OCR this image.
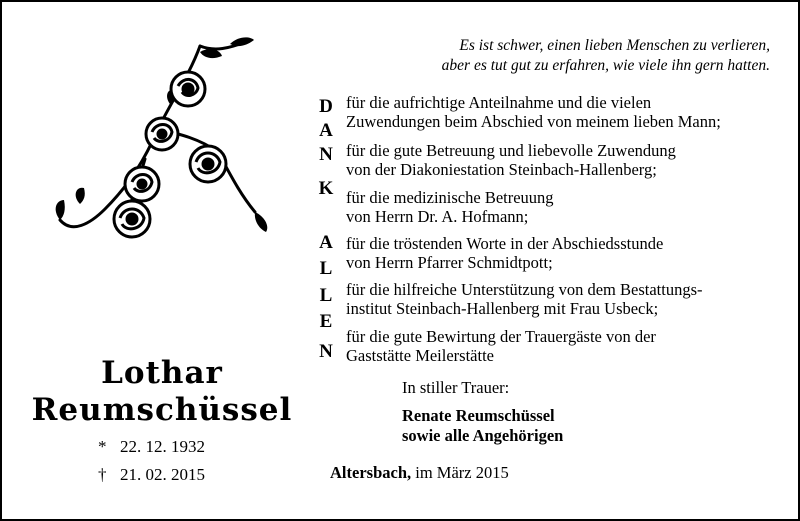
Es ist schwer, einen lieben Menschen zu verlieren,
aber es tut gut zu erfahren, wie viele ihn gern hatten.
D
A
N
K
A
L
L
E
N
für die aufrichtige Anteilnahme und die vielen
Zuwendungen beim Abschied von meinem lieben Mann;
für die gute Betreuung und liebevolle Zuwendung
von der Diakoniestation Steinbach-Hallenberg;
für die medizinische Betreuung
von Herrn Dr. A. Hofmann;
für die tröstenden Worte in der Abschiedsstunde
von Herrn Pfarrer Schmidtpott;
für die hilfreiche Unterstützung von dem Bestattungs-
institut Steinbach-Hallenberg mit Frau Usbeck;
für die gute Bewirtung der Trauergäste von der
Gaststätte Meilerstätte
Lothar
Reumschüssel
* 22. 12. 1932
† 21. 02. 2015
In stiller Trauer:
Renate Reumschüssel
sowie alle Angehörigen
Altersbach, im März 2015
